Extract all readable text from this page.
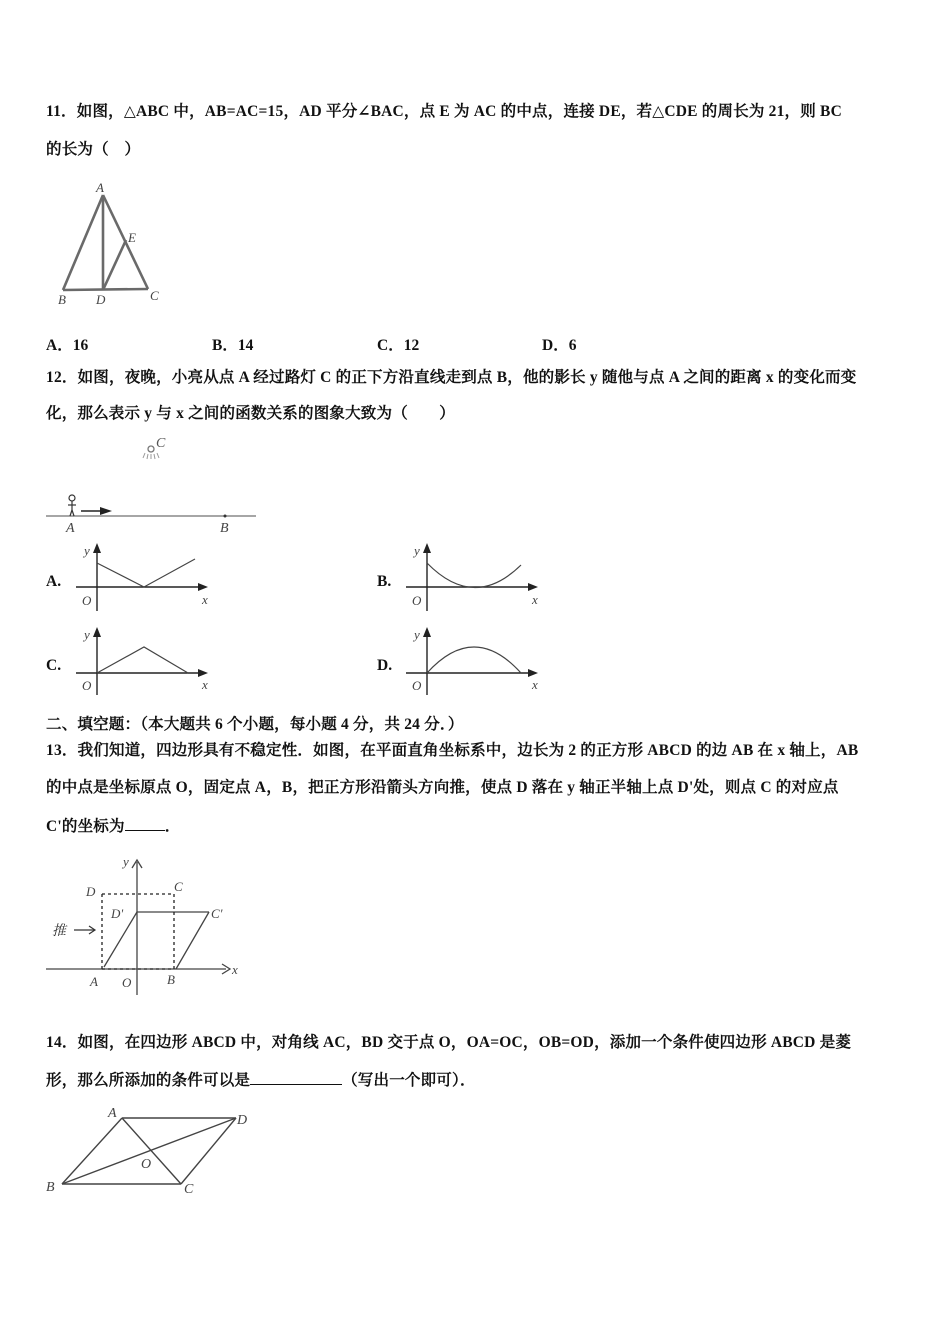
11．如图，△ABC 中，AB=AC=15，AD 平分∠BAC，点 E 为 AC 的中点，连接 DE，若△CDE 的周长为 21，则 BC
的长为（　）
A
E
B D	C
A．16	B．14	C．12	D．6
12．如图，夜晚，小亮从点 A 经过路灯 C 的正下方沿直线走到点 B，他的影长 y 随他与点 A 之间的距离 x 的变化而变
化，那么表示 y 与 x 之间的函数关系的图象大致为（　　）
C
A	B
A.
y
x
O
B.
y
x
O
C.
y
x
O
D.
y
x
O
二、填空题：（本大题共 6 个小题，每小题 4 分，共 24 分．）
13．我们知道，四边形具有不稳定性．如图，在平面直角坐标系中，边长为 2 的正方形 ABCD 的边 AB 在 x 轴上，AB
的中点是坐标原点 O，固定点 A，B，把正方形沿箭头方向推，使点 D 落在 y 轴正半轴上点 D'处，则点 C 的对应点
C'的坐标为	．
推
y
x
D	C
D'	C'
A O	B
14．如图，在四边形 ABCD 中，对角线 AC，BD 交于点 O，OA=OC，OB=OD，添加一个条件使四边形 ABCD 是菱
形，那么所添加的条件可以是	（写出一个即可）．
A	D
B	C
O
